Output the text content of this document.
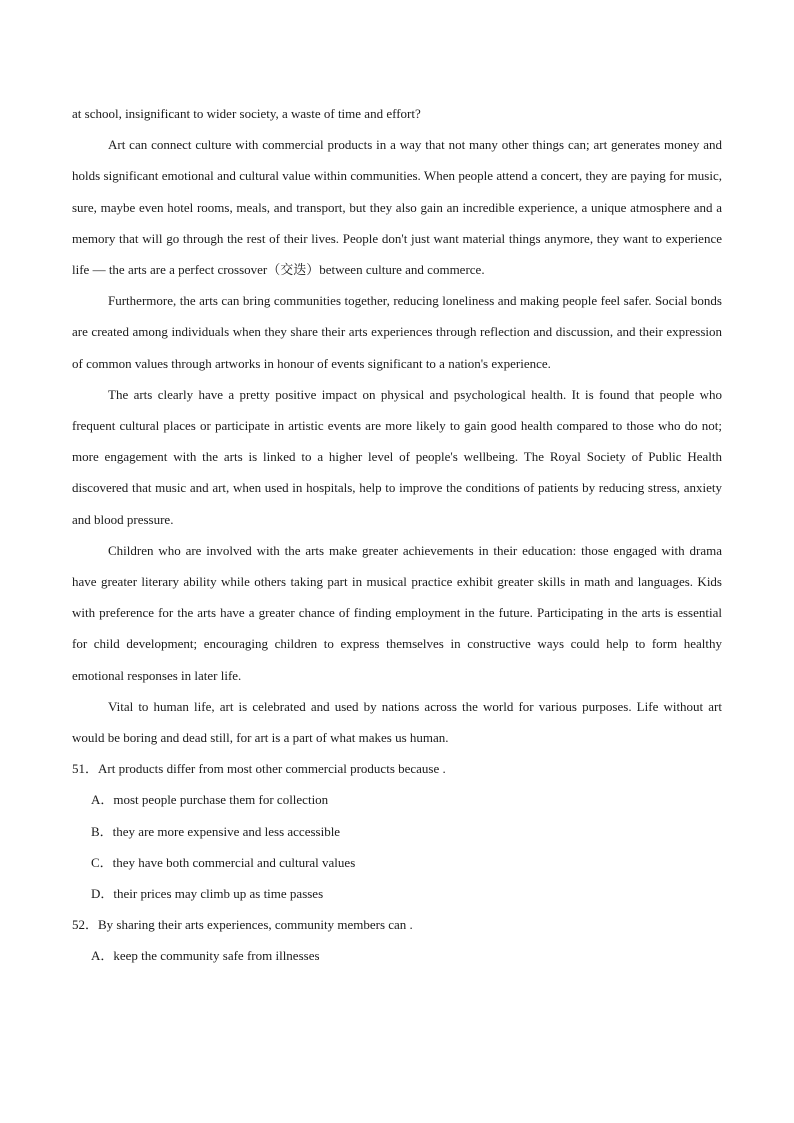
at school, insignificant to wider society, a waste of time and effort?

Art can connect culture with commercial products in a way that not many other things can; art generates money and holds significant emotional and cultural value within communities. When people attend a concert, they are paying for music, sure, maybe even hotel rooms, meals, and transport, but they also gain an incredible experience, a unique atmosphere and a memory that will go through the rest of their lives. People don't just want material things anymore, they want to experience life — the arts are a perfect crossover（交迭）between culture and commerce.

Furthermore, the arts can bring communities together, reducing loneliness and making people feel safer. Social bonds are created among individuals when they share their arts experiences through reflection and discussion, and their expression of common values through artworks in honour of events significant to a nation's experience.

The arts clearly have a pretty positive impact on physical and psychological health. It is found that people who frequent cultural places or participate in artistic events are more likely to gain good health compared to those who do not; more engagement with the arts is linked to a higher level of people's wellbeing. The Royal Society of Public Health discovered that music and art, when used in hospitals, help to improve the conditions of patients by reducing stress, anxiety and blood pressure.

Children who are involved with the arts make greater achievements in their education: those engaged with drama have greater literary ability while others taking part in musical practice exhibit greater skills in math and languages. Kids with preference for the arts have a greater chance of finding employment in the future. Participating in the arts is essential for child development; encouraging children to express themselves in constructive ways could help to form healthy emotional responses in later life.

Vital to human life, art is celebrated and used by nations across the world for various purposes. Life without art would be boring and dead still, for art is a part of what makes us human.

51．Art products differ from most other commercial products because .

A．most people purchase them for collection

B．they are more expensive and less accessible

C．they have both commercial and cultural values

D．their prices may climb up as time passes

52．By sharing their arts experiences, community members can .

A．keep the community safe from illnesses
